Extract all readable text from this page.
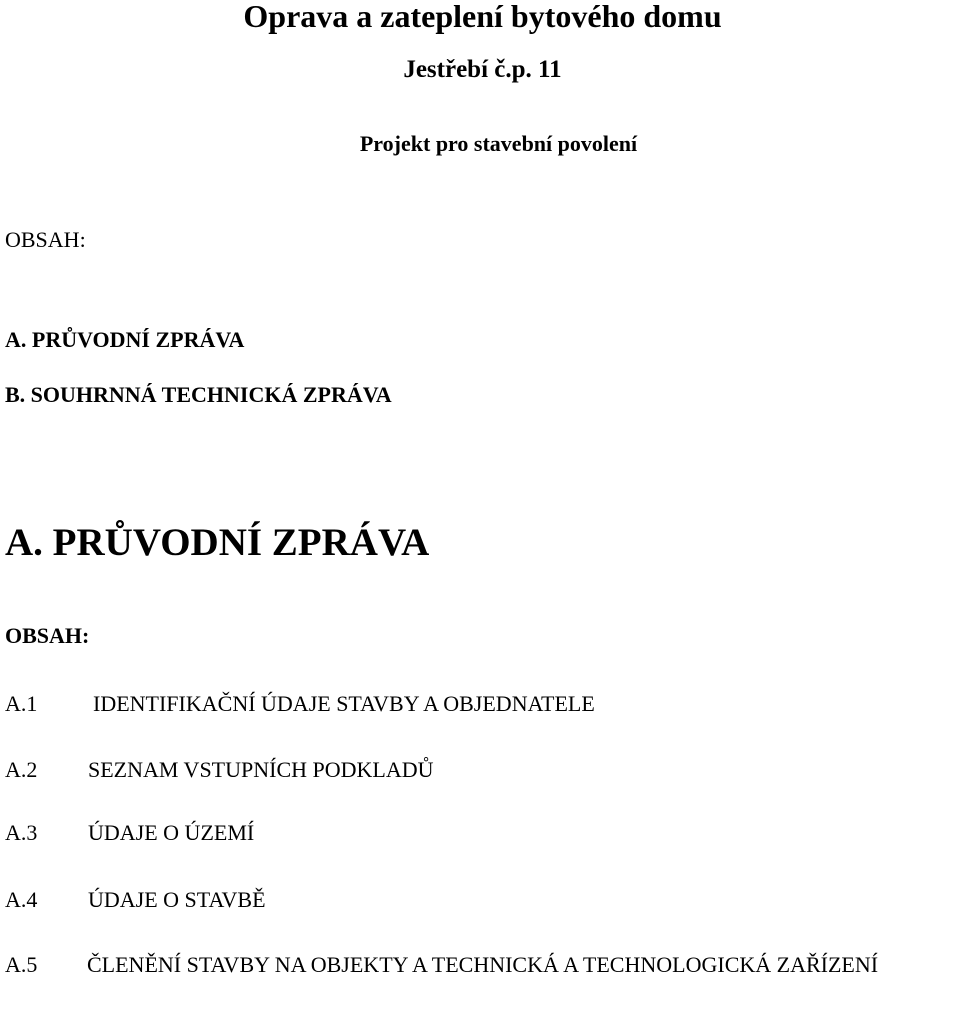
Oprava a zateplení bytového domu
Jestřebí č.p. 11
Projekt pro stavební povolení
OBSAH:
A. PRŮVODNÍ ZPRÁVA
B. SOUHRNNÁ TECHNICKÁ ZPRÁVA
A. PRŮVODNÍ ZPRÁVA
OBSAH:
A.1	IDENTIFIKAČNÍ ÚDAJE STAVBY A OBJEDNATELE
A.2 SEZNAM VSTUPNÍCH PODKLADŮ
A.3 ÚDAJE O ÚZEMÍ
A.4 ÚDAJE O STAVBĚ
A.5 ČLENĚNÍ STAVBY NA OBJEKTY A TECHNICKÁ A TECHNOLOGICKÁ ZAŘÍZENÍ
